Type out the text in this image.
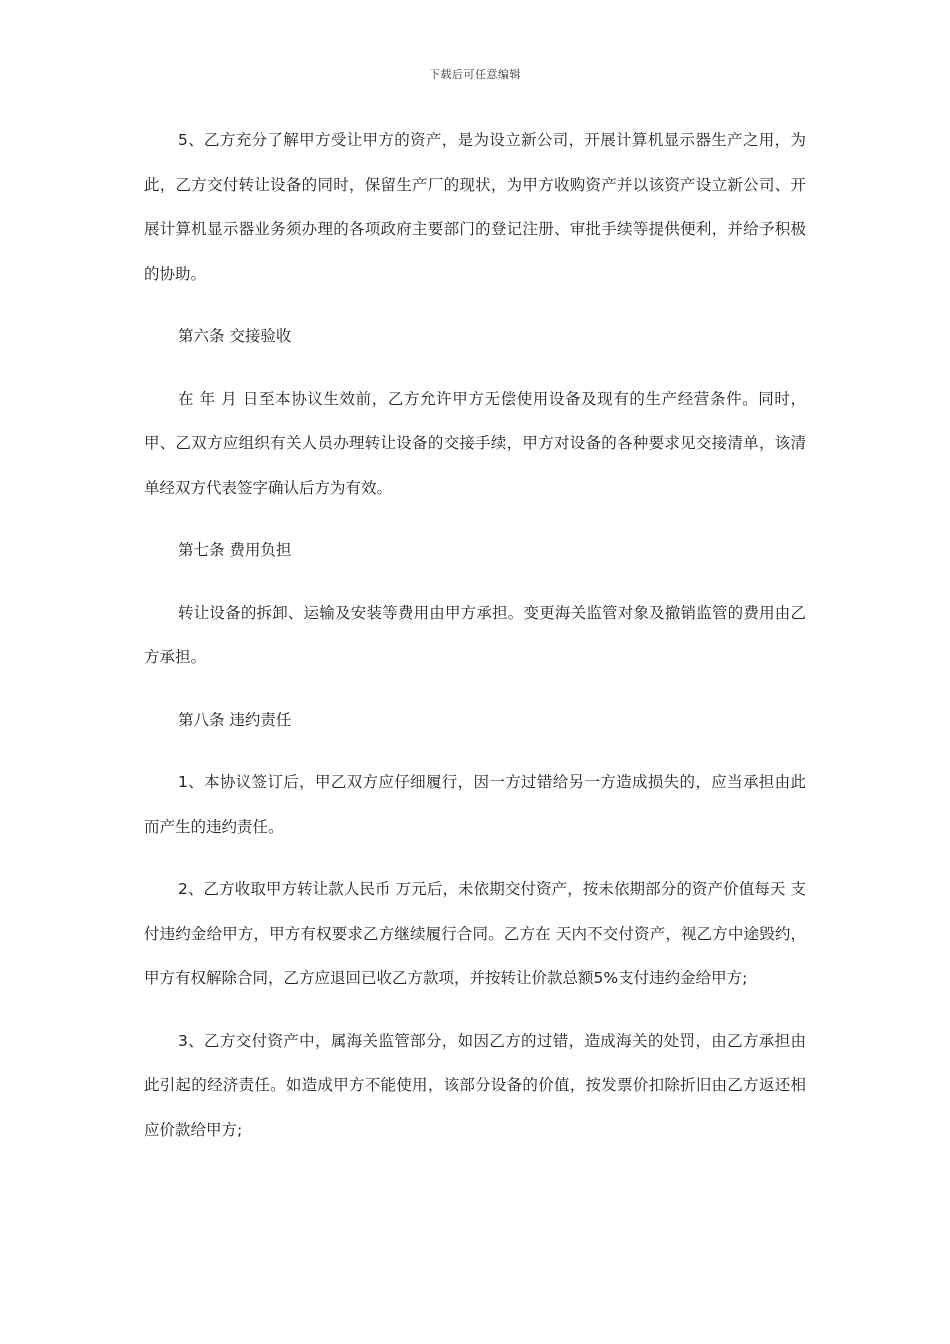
下载后可任意编辑

5、乙方充分了解甲方受让甲方的资产，是为设立新公司，开展计算机显示器生产之用，为此，乙方交付转让设备的同时，保留生产厂的现状，为甲方收购资产并以该资产设立新公司、开展计算机显示器业务须办理的各项政府主要部门的登记注册、审批手续等提供便利，并给予积极的协助。

第六条 交接验收

在 年 月 日至本协议生效前，乙方允许甲方无偿使用设备及现有的生产经营条件。同时，甲、乙双方应组织有关人员办理转让设备的交接手续，甲方对设备的各种要求见交接清单，该清单经双方代表签字确认后方为有效。

第七条 费用负担

转让设备的拆卸、运输及安装等费用由甲方承担。变更海关监管对象及撤销监管的费用由乙方承担。

第八条 违约责任

1、本协议签订后，甲乙双方应仔细履行，因一方过错给另一方造成损失的，应当承担由此而产生的违约责任。

2、乙方收取甲方转让款人民币 万元后，未依期交付资产，按未依期部分的资产价值每天 支付违约金给甲方，甲方有权要求乙方继续履行合同。乙方在 天内不交付资产，视乙方中途毁约，甲方有权解除合同，乙方应退回已收乙方款项，并按转让价款总额5%支付违约金给甲方;

3、乙方交付资产中，属海关监管部分，如因乙方的过错，造成海关的处罚，由乙方承担由此引起的经济责任。如造成甲方不能使用，该部分设备的价值，按发票价扣除折旧由乙方返还相应价款给甲方;
